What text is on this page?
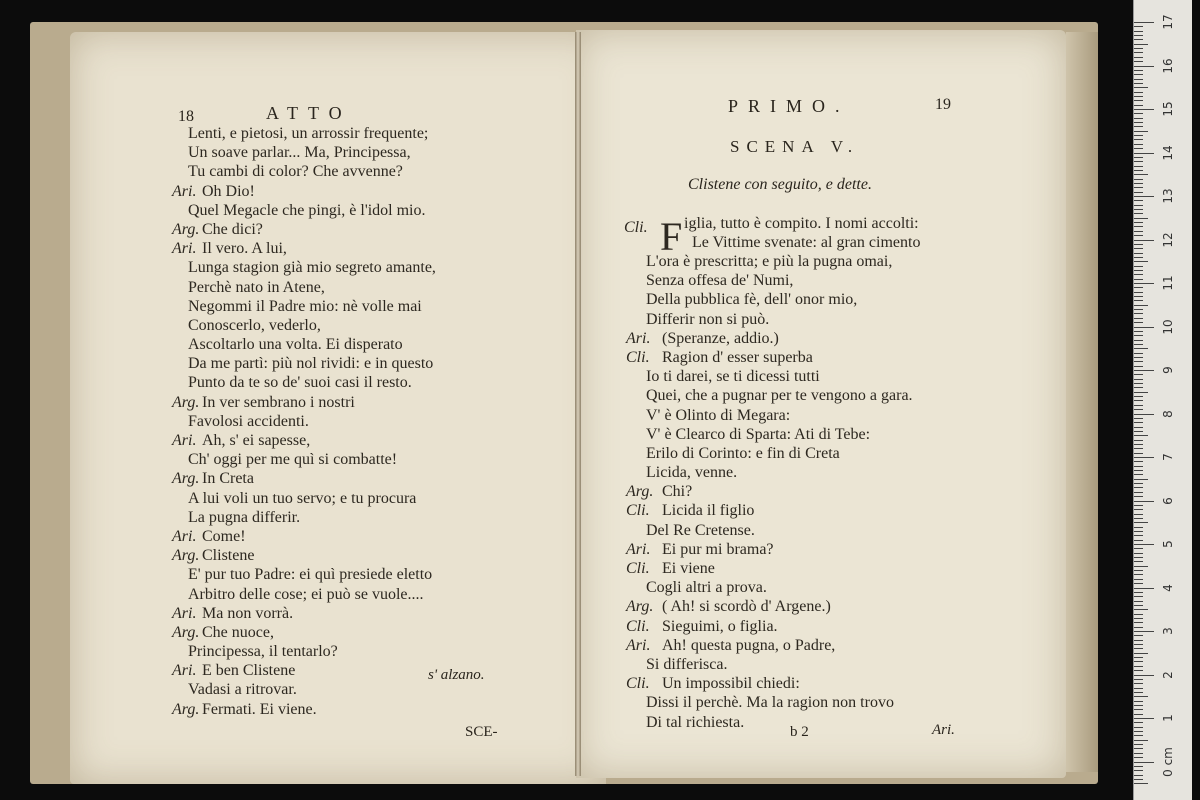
18	ATTO
Lenti, e pietosi, un arrossir frequente;
Un soave parlar... Ma, Principessa,
Tu cambi di color? Che avvenne?
Ari. Oh Dio!
Quel Megacle che pingi, è l'idol mio.
Arg. Che dici?
Ari. Il vero. A lui,
Lunga stagion già mio segreto amante,
Perchè nato in Atene,
Negommi il Padre mio: nè volle mai
Conoscerlo, vederlo,
Ascoltarlo una volta. Ei disperato
Da me partì: più nol rividi: e in questo
Punto da te so de' suoi casi il resto.
Arg. In ver sembrano i nostri
Favolosi accidenti.
Ari. Ah, s' ei sapesse,
Ch' oggi per me quì si combatte!
Arg. In Creta
A lui voli un tuo servo; e tu procura
La pugna differir.
Ari. Come!
Arg. Clistene
E' pur tuo Padre: ei quì presiede eletto
Arbitro delle cose; ei può se vuole....
Ari. Ma non vorrà.
Arg. Che nuoce,
Principessa, il tentarlo?
Ari. E ben Clistene
Vadasi a ritrovar.
Arg. Fermati. Ei viene.
s' alzano.
SCE-
PRIMO.	19
SCENA V.
Clistene con seguito, e dette.
Cli. F iglia, tutto è compito. I nomi accolti:
Le Vittime svenate: al gran cimento
L'ora è prescritta; e più la pugna omai,
Senza offesa de' Numi,
Della pubblica fè, dell' onor mio,
Differir non si può.
Ari. (Speranze, addio.)
Cli. Ragion d' esser superba
Io ti darei, se ti dicessi tutti
Quei, che a pugnar per te vengono a gara.
V' è Olinto di Megara:
V' è Clearco di Sparta: Ati di Tebe:
Erilo di Corinto: e fin di Creta
Licida, venne.
Arg. Chi?
Cli. Licida il figlio
Del Re Cretense.
Ari. Ei pur mi brama?
Cli. Ei viene
Cogli altri a prova.
Arg. ( Ah! si scordò d' Argene.)
Cli. Sieguimi, o figlia.
Ari. Ah! questa pugna, o Padre,
Si differisca.
Cli. Un impossibil chiedi:
Dissi il perchè. Ma la ragion non trovo
Di tal richiesta.
b 2	Ari.
17
16
15
14
13
12
11
10
9
8
7
6
5
4
3
2
1
0 cm
